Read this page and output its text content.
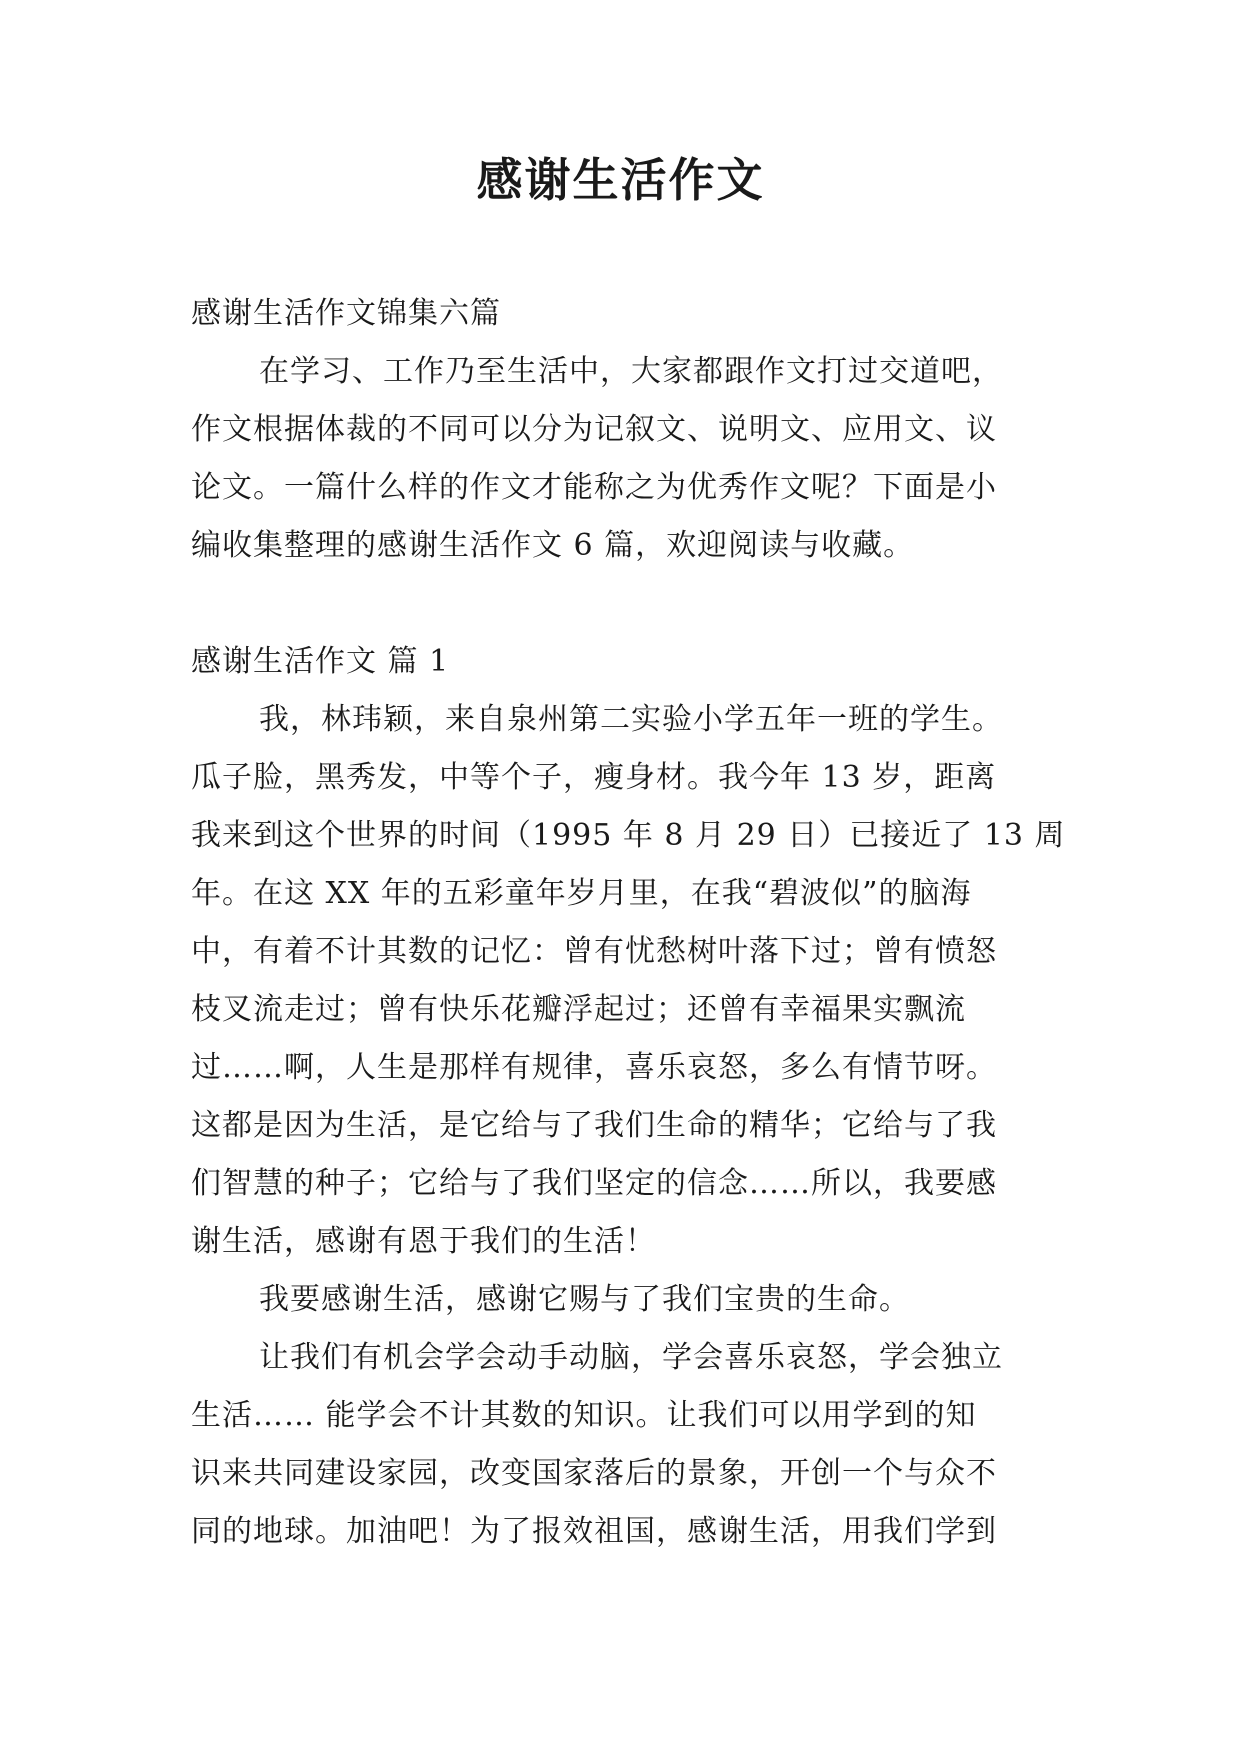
感谢生活作文
感谢生活作文锦集六篇
在学习、工作乃至生活中，大家都跟作文打过交道吧，
作文根据体裁的不同可以分为记叙文、说明文、应用文、议
论文。一篇什么样的作文才能称之为优秀作文呢？下面是小
编收集整理的感谢生活作文 6 篇，欢迎阅读与收藏。
感谢生活作文 篇 1
我，林玮颖，来自泉州第二实验小学五年一班的学生。
瓜子脸，黑秀发，中等个子，瘦身材。我今年 13 岁，距离
我来到这个世界的时间（1995 年 8 月 29 日）已接近了 13 周
年。在这 XX 年的五彩童年岁月里，在我“碧波似”的脑海
中，有着不计其数的记忆：曾有忧愁树叶落下过；曾有愤怒
枝叉流走过；曾有快乐花瓣浮起过；还曾有幸福果实飘流
过……啊，人生是那样有规律，喜乐哀怒，多么有情节呀。
这都是因为生活，是它给与了我们生命的精华；它给与了我
们智慧的种子；它给与了我们坚定的信念……所以，我要感
谢生活，感谢有恩于我们的生活！
我要感谢生活，感谢它赐与了我们宝贵的生命。
让我们有机会学会动手动脑，学会喜乐哀怒，学会独立
生活…… 能学会不计其数的知识。让我们可以用学到的知
识来共同建设家园，改变国家落后的景象，开创一个与众不
同的地球。加油吧！为了报效祖国，感谢生活，用我们学到
